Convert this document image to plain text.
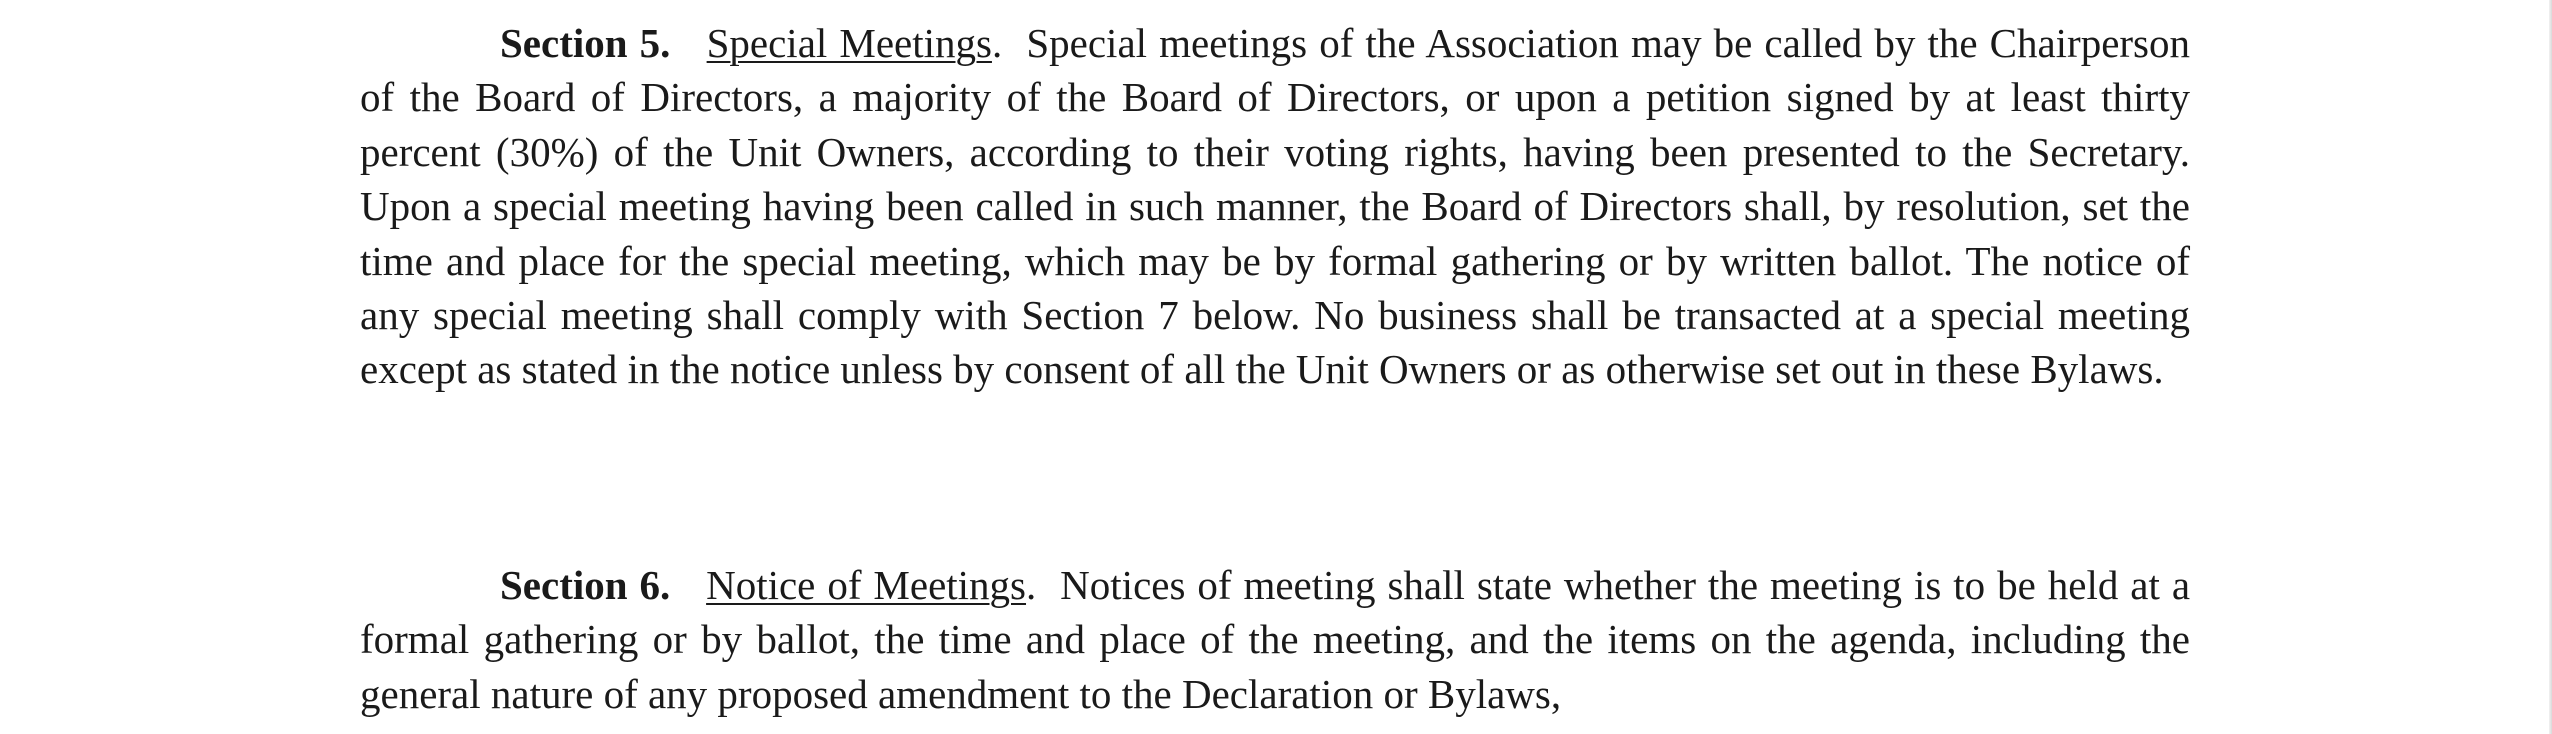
Section 5. Special Meetings. Special meetings of the Association may be called by the Chairperson of the Board of Directors, a majority of the Board of Directors, or upon a petition signed by at least thirty percent (30%) of the Unit Owners, according to their voting rights, having been presented to the Secretary. Upon a special meeting having been called in such manner, the Board of Directors shall, by resolution, set the time and place for the special meeting, which may be by formal gathering or by written ballot. The notice of any special meeting shall comply with Section 7 below. No business shall be transacted at a special meeting except as stated in the notice unless by consent of all the Unit Owners or as otherwise set out in these Bylaws.

Section 6. Notice of Meetings. Notices of meeting shall state whether the meeting is to be held at a formal gathering or by ballot, the time and place of the meeting, and the items on the agenda, including the general nature of any proposed amendment to the Declaration or Bylaws,
